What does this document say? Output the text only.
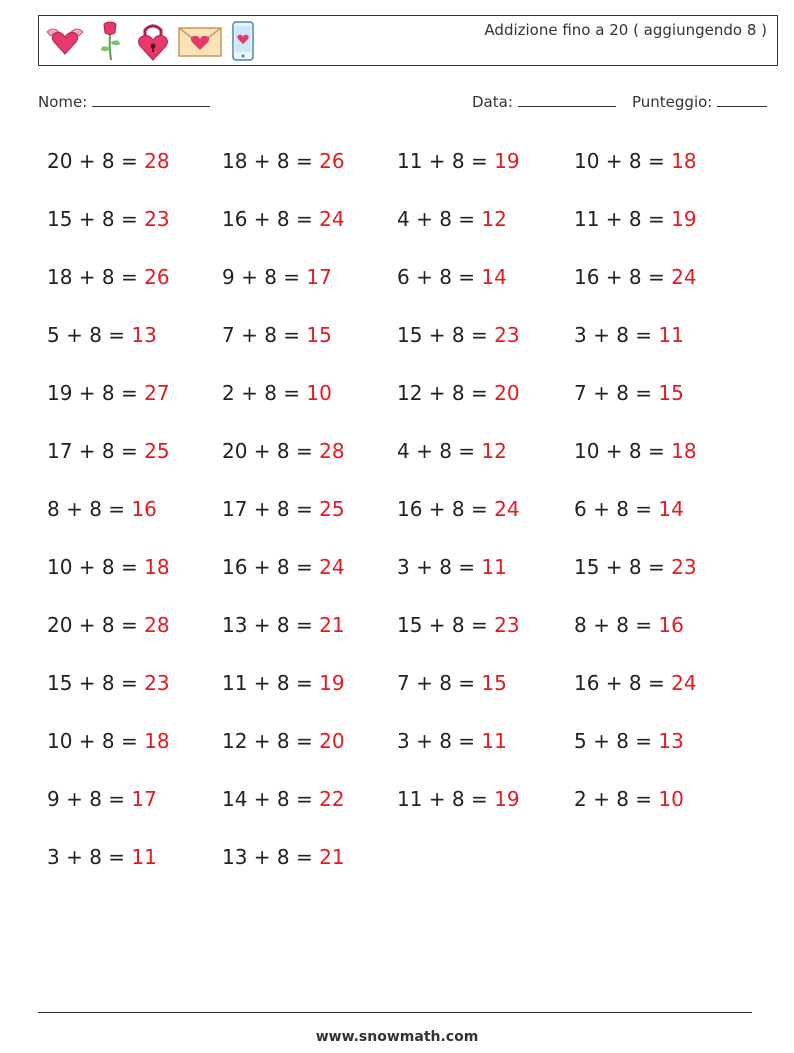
Addizione fino a 20 ( aggiungendo 8 )
Nome:	Data:	Punteggio:
20 + 8 = 28	18 + 8 = 26	11 + 8 = 19	10 + 8 = 18
15 + 8 = 23	16 + 8 = 24	4 + 8 = 12	11 + 8 = 19
18 + 8 = 26	9 + 8 = 17	6 + 8 = 14	16 + 8 = 24
5 + 8 = 13	7 + 8 = 15	15 + 8 = 23	3 + 8 = 11
19 + 8 = 27	2 + 8 = 10	12 + 8 = 20	7 + 8 = 15
17 + 8 = 25	20 + 8 = 28	4 + 8 = 12	10 + 8 = 18
8 + 8 = 16	17 + 8 = 25	16 + 8 = 24	6 + 8 = 14
10 + 8 = 18	16 + 8 = 24	3 + 8 = 11	15 + 8 = 23
20 + 8 = 28	13 + 8 = 21	15 + 8 = 23	8 + 8 = 16
15 + 8 = 23	11 + 8 = 19	7 + 8 = 15	16 + 8 = 24
10 + 8 = 18	12 + 8 = 20	3 + 8 = 11	5 + 8 = 13
9 + 8 = 17	14 + 8 = 22	11 + 8 = 19	2 + 8 = 10
3 + 8 = 11	13 + 8 = 21
www.snowmath.com
